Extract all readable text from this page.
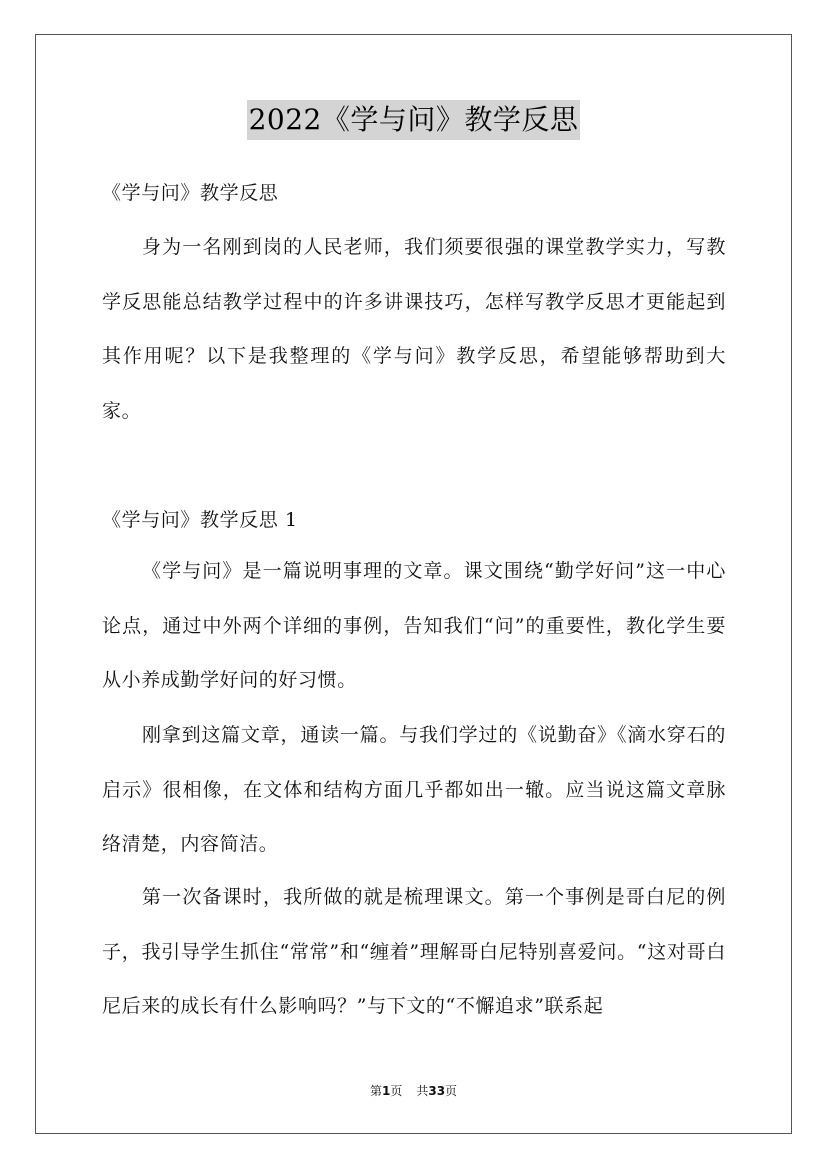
2022《学与问》教学反思
《学与问》教学反思
身为一名刚到岗的人民老师，我们须要很强的课堂教学实力，写教学反思能总结教学过程中的许多讲课技巧，怎样写教学反思才更能起到其作用呢？以下是我整理的《学与问》教学反思，希望能够帮助到大家。
《学与问》教学反思 1
《学与问》是一篇说明事理的文章。课文围绕“勤学好问”这一中心论点，通过中外两个详细的事例，告知我们“问”的重要性，教化学生要从小养成勤学好问的好习惯。
刚拿到这篇文章，通读一篇。与我们学过的《说勤奋》《滴水穿石的启示》很相像，在文体和结构方面几乎都如出一辙。应当说这篇文章脉络清楚，内容简洁。
第一次备课时，我所做的就是梳理课文。第一个事例是哥白尼的例子，我引导学生抓住“常常”和“缠着”理解哥白尼特别喜爱问。“这对哥白尼后来的成长有什么影响吗？”与下文的“不懈追求”联系起
第1页 共33页
